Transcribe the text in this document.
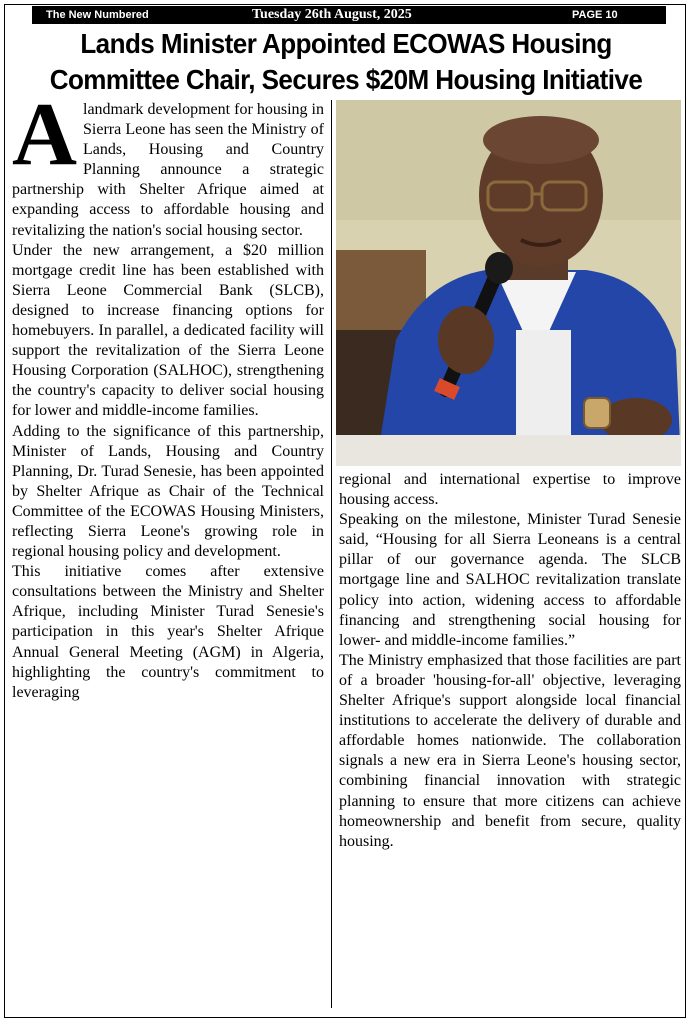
The New Numbered	Tuesday 26th August, 2025	PAGE 10
Lands Minister Appointed ECOWAS Housing
Committee Chair, Secures $20M Housing Initiative
A landmark development for housing in Sierra Leone has seen the Ministry of Lands, Housing and Country Planning announce a strategic partnership with Shelter Afrique aimed at expanding access to affordable housing and revitalizing the nation's social housing sector.

Under the new arrangement, a $20 million mortgage credit line has been established with Sierra Leone Commercial Bank (SLCB), designed to increase financing options for homebuyers. In parallel, a dedicated facility will support the revitalization of the Sierra Leone Housing Corporation (SALHOC), strengthening the country's capacity to deliver social housing for lower and middle-income families.

Adding to the significance of this partnership, Minister of Lands, Housing and Country Planning, Dr. Turad Senesie, has been appointed by Shelter Afrique as Chair of the Technical Committee of the ECOWAS Housing Ministers, reflecting Sierra Leone's growing role in regional housing policy and development.

This initiative comes after extensive consultations between the Ministry and Shelter Afrique, including Minister Turad Senesie's participation in this year's Shelter Afrique Annual General Meeting (AGM) in Algeria, highlighting the country's commitment to leveraging

regional and international expertise to improve housing access.

Speaking on the milestone, Minister Turad Senesie said, “Housing for all Sierra Leoneans is a central pillar of our governance agenda. The SLCB mortgage line and SALHOC revitalization translate policy into action, widening access to affordable financing and strengthening social housing for lower- and middle-income families.”

The Ministry emphasized that those facilities are part of a broader 'housing-for-all' objective, leveraging Shelter Afrique's support alongside local financial institutions to accelerate the delivery of durable and affordable homes nationwide. The collaboration signals a new era in Sierra Leone's housing sector, combining financial innovation with strategic planning to ensure that more citizens can achieve homeownership and benefit from secure, quality housing.
